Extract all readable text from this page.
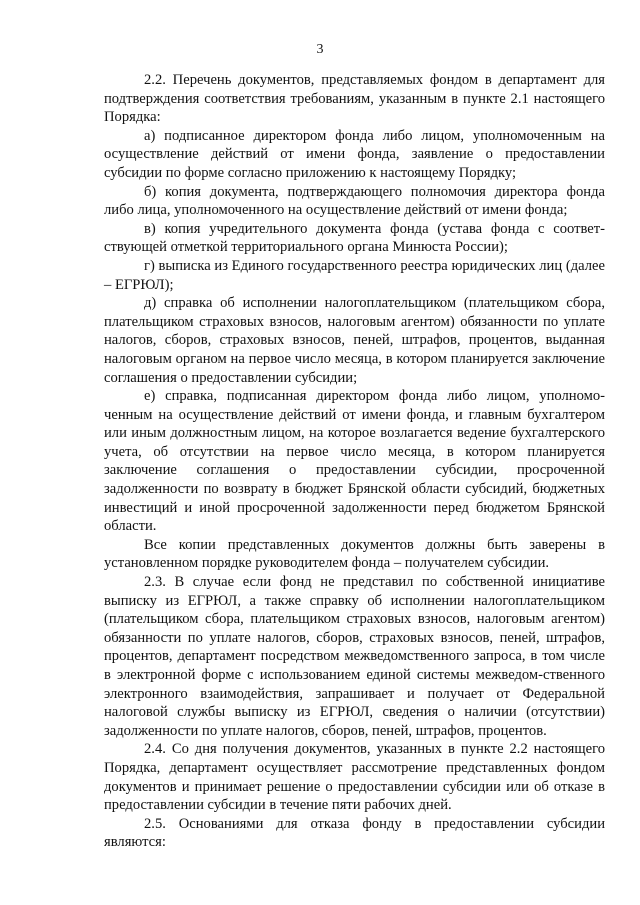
3

2.2. Перечень документов, представляемых фондом в департамент для подтверждения соответствия требованиям, указанным в пункте 2.1 настоящего Порядка:

а) подписанное директором фонда либо лицом, уполномоченным на осуществление действий от имени фонда, заявление о предоставлении субсидии по форме согласно приложению к настоящему Порядку;

б) копия документа, подтверждающего полномочия директора фонда либо лица, уполномоченного на осуществление действий от имени фонда;

в) копия учредительного документа фонда (устава фонда с соответ-ствующей отметкой территориального органа Минюста России);

г) выписка из Единого государственного реестра юридических лиц (далее – ЕГРЮЛ);

д) справка об исполнении налогоплательщиком (плательщиком сбора, плательщиком страховых взносов, налоговым агентом) обязанности по уплате налогов, сборов, страховых взносов, пеней, штрафов, процентов, выданная налоговым органом на первое число месяца, в котором планируется заключение соглашения о предоставлении субсидии;

е) справка, подписанная директором фонда либо лицом, уполномо-ченным на осуществление действий от имени фонда, и главным бухгалтером или иным должностным лицом, на которое возлагается ведение бухгалтерского учета, об отсутствии на первое число месяца, в котором планируется заключение соглашения о предоставлении субсидии, просроченной задолженности по возврату в бюджет Брянской области субсидий, бюджетных инвестиций и иной просроченной задолженности перед бюджетом Брянской области.

Все копии представленных документов должны быть заверены в установленном порядке руководителем фонда – получателем субсидии.

2.3. В случае если фонд не представил по собственной инициативе выписку из ЕГРЮЛ, а также справку об исполнении налогоплательщиком (плательщиком сбора, плательщиком страховых взносов, налоговым агентом) обязанности по уплате налогов, сборов, страховых взносов, пеней, штрафов, процентов, департамент посредством межведомственного запроса, в том числе в электронной форме с использованием единой системы межведом-ственного электронного взаимодействия, запрашивает и получает от Федеральной налоговой службы выписку из ЕГРЮЛ, сведения о наличии (отсутствии) задолженности по уплате налогов, сборов, пеней, штрафов, процентов.

2.4. Со дня получения документов, указанных в пункте 2.2 настоящего Порядка, департамент осуществляет рассмотрение представленных фондом документов и принимает решение о предоставлении субсидии или об отказе в предоставлении субсидии в течение пяти рабочих дней.

2.5. Основаниями для отказа фонду в предоставлении субсидии являются:
